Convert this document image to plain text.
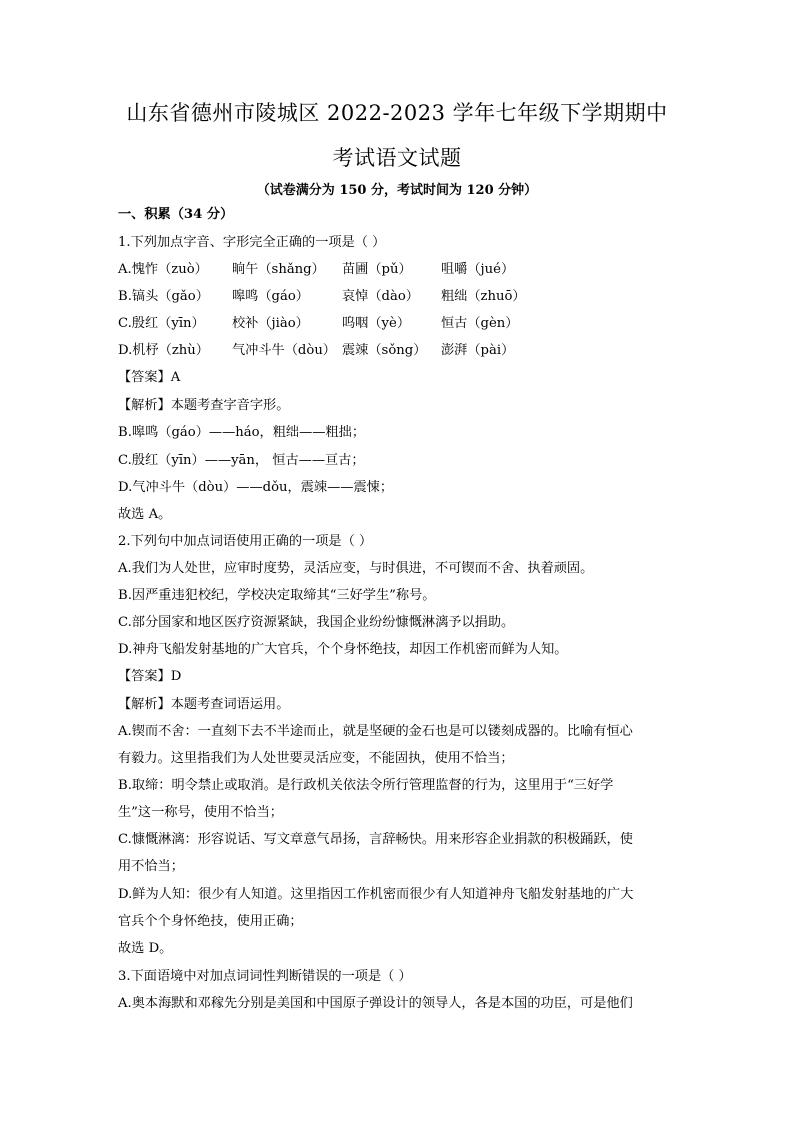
山东省德州市陵城区 2022-2023 学年七年级下学期期中
考试语文试题
（试卷满分为 150 分，考试时间为 120 分钟）
一、积累（34 分）
1.下列加点字音、字形完全正确的一项是（ ）
A.愧怍（zuò） 晌午（shǎng） 苗圃（pǔ） 咀嚼（jué）
B.镐头（gǎo） 嗥鸣（gáo）	哀悼（dào） 粗绌（zhuō）
C.殷红（yīn） 校补（jiào）	呜咽（yè） 恒古（gèn）
D.机杼（zhù） 气冲斗牛（dòu） 震竦（sǒng） 澎湃（pài）
【答案】A
【解析】本题考查字音字形。
B.嗥鸣（gáo）——háo，粗绌——粗拙；
C.殷红（yīn）——yān， 恒古——亘古；
D.气冲斗牛（dòu）——dǒu，震竦——震悚；
故选 A。
2.下列句中加点词语使用正确的一项是（ ）
A.我们为人处世，应审时度势，灵活应变，与时俱进，不可锲而不舍、执着顽固。
B.因严重违犯校纪，学校决定取缔其“三好学生”称号。
C.部分国家和地区医疗资源紧缺，我国企业纷纷慷慨淋漓予以捐助。
D.神舟飞船发射基地的广大官兵，个个身怀绝技，却因工作机密而鲜为人知。
【答案】D
【解析】本题考查词语运用。
A.锲而不舍：一直刻下去不半途而止，就是坚硬的金石也是可以镂刻成器的。比喻有恒心
有毅力。这里指我们为人处世要灵活应变，不能固执，使用不恰当；
B.取缔：明令禁止或取消。是行政机关依法令所行管理监督的行为，这里用于“三好学
生”这一称号，使用不恰当；
C.慷慨淋漓：形容说话、写文章意气昂扬，言辞畅快。用来形容企业捐款的积极踊跃，使
用不恰当；
D.鲜为人知：很少有人知道。这里指因工作机密而很少有人知道神舟飞船发射基地的广大
官兵个个身怀绝技，使用正确；
故选 D。
3.下面语境中对加点词词性判断错误的一项是（ ）
A.奥本海默和邓稼先分别是美国和中国原子弹设计的领导人，各是本国的功臣，可是他们
